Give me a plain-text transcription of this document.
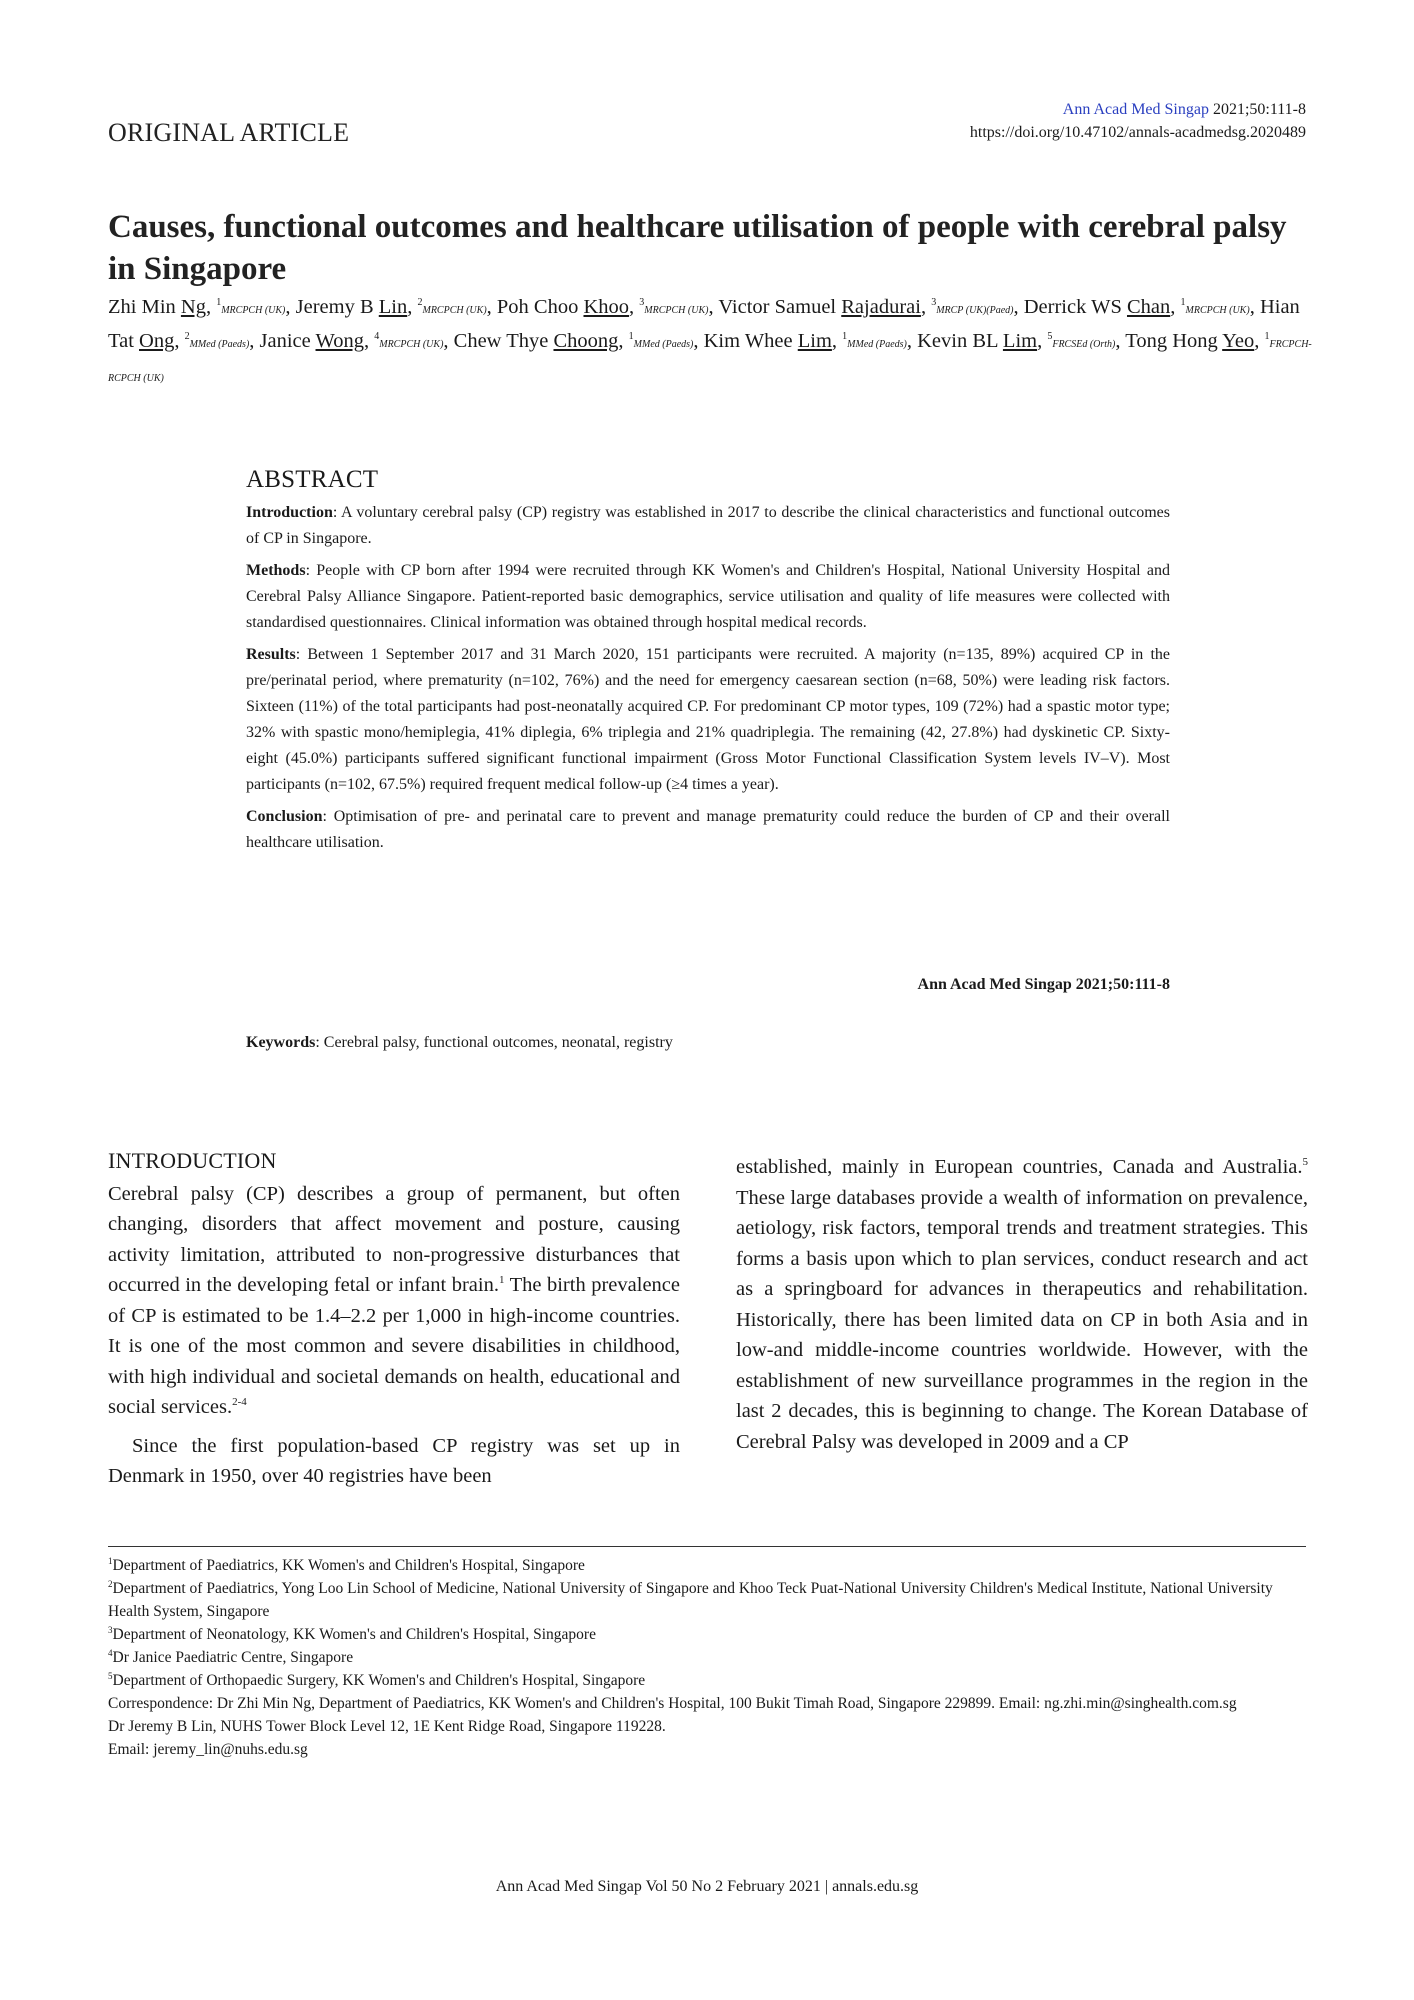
ORIGINAL ARTICLE
Ann Acad Med Singap 2021;50:111-8
https://doi.org/10.47102/annals-acadmedsg.2020489
Causes, functional outcomes and healthcare utilisation of people with cerebral palsy in Singapore
Zhi Min Ng, $^1$MRCPCH (UK), Jeremy B Lin, $^2$MRCPCH (UK), Poh Choo Khoo, $^3$MRCPCH (UK), Victor Samuel Rajadurai, $^3$MRCP (UK)(Paed), Derrick WS Chan, $^1$MRCPCH (UK), Hian Tat Ong, $^2$MMed (Paeds), Janice Wong, $^4$MRCPCH (UK), Chew Thye Choong, $^1$MMed (Paeds), Kim Whee Lim, $^1$MMed (Paeds), Kevin BL Lim, $^5$FRCSEd (Orth), Tong Hong Yeo, $^1$FRCPCH-RCPCH (UK)
ABSTRACT

Introduction: A voluntary cerebral palsy (CP) registry was established in 2017 to describe the clinical characteristics and functional outcomes of CP in Singapore.

Methods: People with CP born after 1994 were recruited through KK Women's and Children's Hospital, National University Hospital and Cerebral Palsy Alliance Singapore. Patient-reported basic demographics, service utilisation and quality of life measures were collected with standardised questionnaires. Clinical information was obtained through hospital medical records.

Results: Between 1 September 2017 and 31 March 2020, 151 participants were recruited. A majority (n=135, 89%) acquired CP in the pre/perinatal period, where prematurity (n=102, 76%) and the need for emergency caesarean section (n=68, 50%) were leading risk factors. Sixteen (11%) of the total participants had post-neonatally acquired CP. For predominant CP motor types, 109 (72%) had a spastic motor type; 32% with spastic mono/hemiplegia, 41% diplegia, 6% triplegia and 21% quadriplegia. The remaining (42, 27.8%) had dyskinetic CP. Sixty-eight (45.0%) participants suffered significant functional impairment (Gross Motor Functional Classification System levels IV–V). Most participants (n=102, 67.5%) required frequent medical follow-up (≥4 times a year).

Conclusion: Optimisation of pre- and perinatal care to prevent and manage prematurity could reduce the burden of CP and their overall healthcare utilisation.

Ann Acad Med Singap 2021;50:111-8
Keywords: Cerebral palsy, functional outcomes, neonatal, registry
INTRODUCTION

Cerebral palsy (CP) describes a group of permanent, but often changing, disorders that affect movement and posture, causing activity limitation, attributed to non-progressive disturbances that occurred in the developing fetal or infant brain.$^1$ The birth prevalence of CP is estimated to be 1.4–2.2 per 1,000 in high-income countries. It is one of the most common and severe disabilities in childhood, with high individual and societal demands on health, educational and social services.$^{2-4}$

Since the first population-based CP registry was set up in Denmark in 1950, over 40 registries have been

established, mainly in European countries, Canada and Australia.$^5$ These large databases provide a wealth of information on prevalence, aetiology, risk factors, temporal trends and treatment strategies. This forms a basis upon which to plan services, conduct research and act as a springboard for advances in therapeutics and rehabilitation. Historically, there has been limited data on CP in both Asia and in low-and middle-income countries worldwide. However, with the establishment of new surveillance programmes in the region in the last 2 decades, this is beginning to change. The Korean Database of Cerebral Palsy was developed in 2009 and a CP

$^1$Department of Paediatrics, KK Women's and Children's Hospital, Singapore
$^2$Department of Paediatrics, Yong Loo Lin School of Medicine, National University of Singapore and Khoo Teck Puat-National University Children's Medical Institute, National University Health System, Singapore
$^3$Department of Neonatology, KK Women's and Children's Hospital, Singapore
$^4$Dr Janice Paediatric Centre, Singapore
$^5$Department of Orthopaedic Surgery, KK Women's and Children's Hospital, Singapore
Correspondence: Dr Zhi Min Ng, Department of Paediatrics, KK Women's and Children's Hospital, 100 Bukit Timah Road, Singapore 229899. Email: ng.zhi.min@singhealth.com.sg
Dr Jeremy B Lin, NUHS Tower Block Level 12, 1E Kent Ridge Road, Singapore 119228.
Email: jeremy_lin@nuhs.edu.sg
Ann Acad Med Singap Vol 50 No 2 February 2021 | annals.edu.sg
